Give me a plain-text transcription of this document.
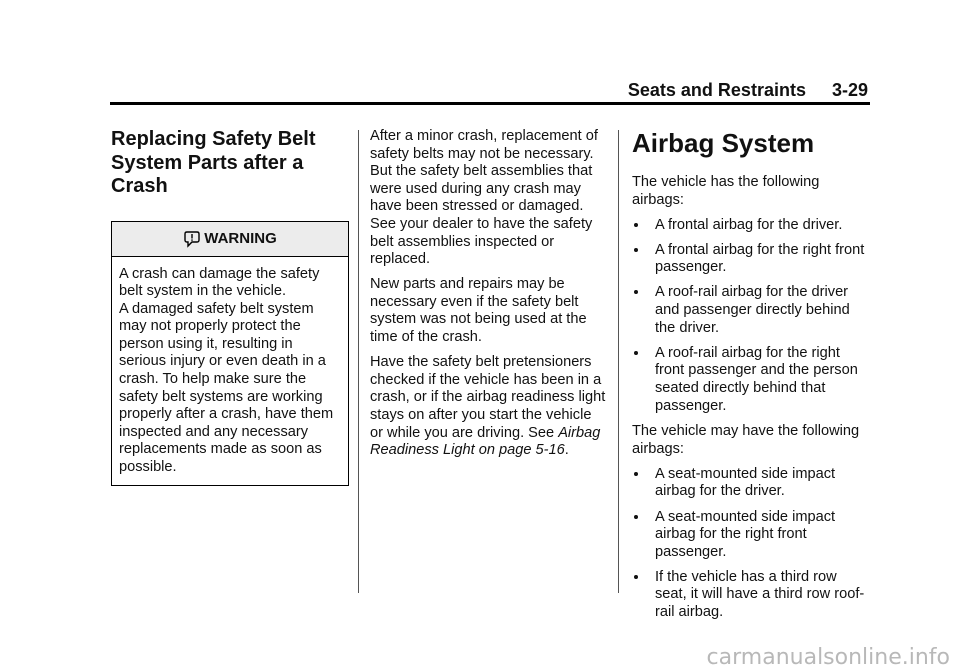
Seats and Restraints 3-29
Replacing Safety Belt System Parts after a Crash
WARNING

A crash can damage the safety belt system in the vehicle.

A damaged safety belt system may not properly protect the person using it, resulting in serious injury or even death in a crash. To help make sure the safety belt systems are working properly after a crash, have them inspected and any necessary replacements made as soon as possible.

After a minor crash, replacement of safety belts may not be necessary. But the safety belt assemblies that were used during any crash may have been stressed or damaged. See your dealer to have the safety belt assemblies inspected or replaced.

New parts and repairs may be necessary even if the safety belt system was not being used at the time of the crash.

Have the safety belt pretensioners checked if the vehicle has been in a crash, or if the airbag readiness light stays on after you start the vehicle or while you are driving. See Airbag Readiness Light on page 5-16.

Airbag System

The vehicle has the following airbags:

A frontal airbag for the driver.
A frontal airbag for the right front passenger.
A roof-rail airbag for the driver and passenger directly behind the driver.
A roof-rail airbag for the right front passenger and the person seated directly behind that passenger.

The vehicle may have the following airbags:

A seat-mounted side impact airbag for the driver.
A seat-mounted side impact airbag for the right front passenger.
If the vehicle has a third row seat, it will have a third row roof-rail airbag.
carmanualsonline.info
